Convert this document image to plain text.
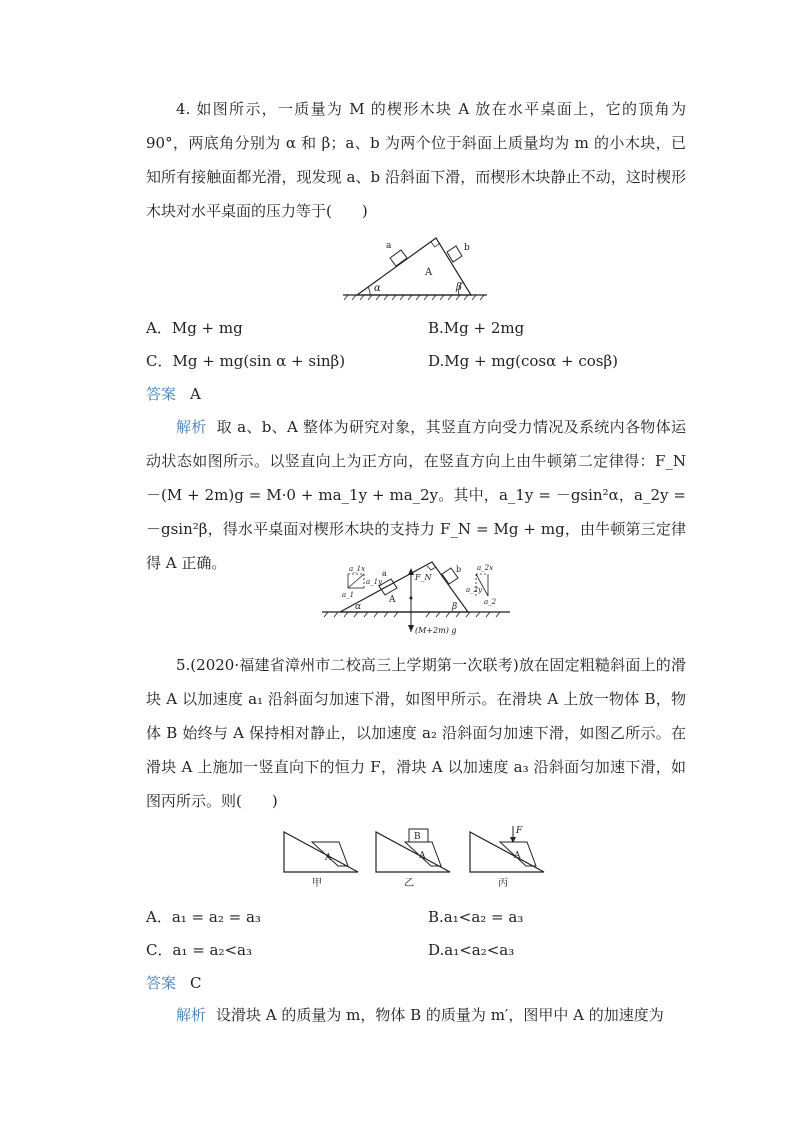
4. 如图所示，一质量为 M 的楔形木块 A 放在水平桌面上，它的顶角为 90°，两底角分别为 α 和 β；a、b 为两个位于斜面上质量均为 m 的小木块，已知所有接触面都光滑，现发现 a、b 沿斜面下滑，而楔形木块静止不动，这时楔形木块对水平桌面的压力等于(　　)

a	b
A
α	β
A．Mg + mg	B.Mg + 2mg
C．Mg + mg(sin α + sinβ)	D.Mg + mg(cosα + cosβ)
答案 A

解析 取 a、b、A 整体为研究对象，其竖直方向受力情况及系统内各物体运动状态如图所示。以竖直向上为正方向，在竖直方向上由牛顿第二定律得：F_N－(M + 2m)g = M·0 + ma_1y + ma_2y。其中，a_1y = －gsin²α，a_2y = －gsin²β，得水平桌面对楔形木块的支持力 F_N = Mg + mg，由牛顿第三定律得 A 正确。	a_1x
a_1y
a_1
a_2x
a_2y
a_2
a	b
A
F_N
(M+2m) g
α	β

5.(2020·福建省漳州市二校高三上学期第一次联考)放在固定粗糙斜面上的滑块 A 以加速度 a₁ 沿斜面匀加速下滑，如图甲所示。在滑块 A 上放一物体 B，物体 B 始终与 A 保持相对静止，以加速度 a₂ 沿斜面匀加速下滑，如图乙所示。在滑块 A 上施加一竖直向下的恒力 F，滑块 A 以加速度 a₃ 沿斜面匀加速下滑，如图丙所示。则(　　)

A
甲
B
A
乙
F
A
丙
A．a₁ = a₂ = a₃	B.a₁<a₂ = a₃
C．a₁ = a₂<a₃	D.a₁<a₂<a₃
答案 C

解析 设滑块 A 的质量为 m，物体 B 的质量为 m′，图甲中 A 的加速度为
